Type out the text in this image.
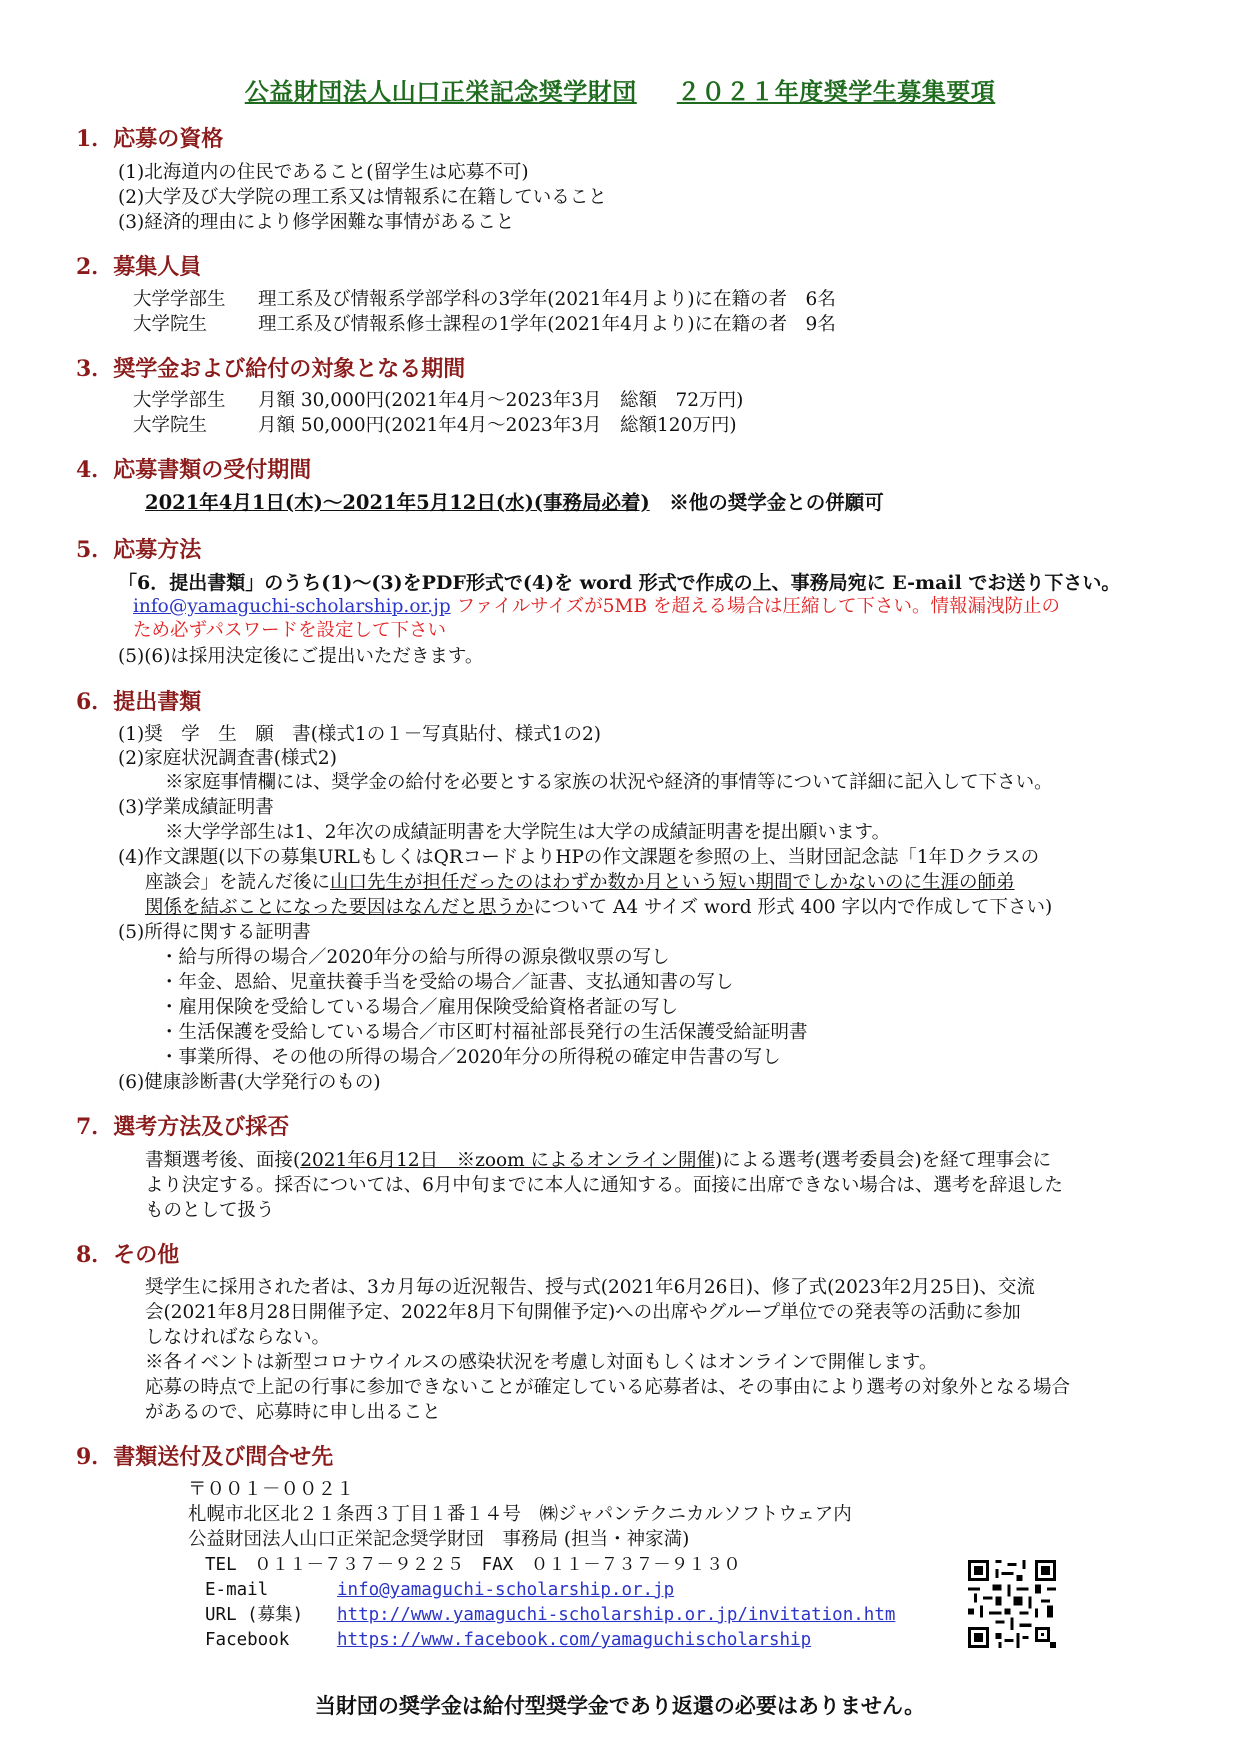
公益財団法人山口正栄記念奨学財団 ２０２１年度奨学生募集要項
1．応募の資格
(1)北海道内の住民であること(留学生は応募不可)
(2)大学及び大学院の理工系又は情報系に在籍していること
(3)経済的理由により修学困難な事情があること
2．募集人員
大学学部生 理工系及び情報系学部学科の3学年(2021年4月より)に在籍の者　6名
大学院生	理工系及び情報系修士課程の1学年(2021年4月より)に在籍の者　9名
3．奨学金および給付の対象となる期間
大学学部生 月額 30,000円(2021年4月～2023年3月　総額　72万円)
大学院生	月額 50,000円(2021年4月～2023年3月　総額120万円)
4．応募書類の受付期間
2021年4月1日(木)～2021年5月12日(水)(事務局必着)　 ※他の奨学金との併願可
5．応募方法
「6．提出書類」のうち(1)～(3)をPDF形式で(4)を word 形式で作成の上、事務局宛に E-mail でお送り下さい。
info@yamaguchi-scholarship.or.jp ファイルサイズが5MB を超える場合は圧縮して下さい。情報漏洩防止の
ため必ずパスワードを設定して下さい
(5)(6)は採用決定後にご提出いただきます。
6．提出書類
(1)奨　学　生　願　書(様式1の１－写真貼付、様式1の2)
(2)家庭状況調査書(様式2)
※家庭事情欄には、奨学金の給付を必要とする家族の状況や経済的事情等について詳細に記入して下さい。
(3)学業成績証明書
※大学学部生は1、2年次の成績証明書を大学院生は大学の成績証明書を提出願います。
(4)作文課題(以下の募集URLもしくはQRコードよりHPの作文課題を参照の上、当財団記念誌「1年Ｄクラスの
座談会」を読んだ後に山口先生が担任だったのはわずか数か月という短い期間でしかないのに生涯の師弟
関係を結ぶことになった要因はなんだと思うかについて A4 サイズ word 形式 400 字以内で作成して下さい)
(5)所得に関する証明書
・給与所得の場合／2020年分の給与所得の源泉徴収票の写し
・年金、恩給、児童扶養手当を受給の場合／証書、支払通知書の写し
・雇用保険を受給している場合／雇用保険受給資格者証の写し
・生活保護を受給している場合／市区町村福祉部長発行の生活保護受給証明書
・事業所得、その他の所得の場合／2020年分の所得税の確定申告書の写し
(6)健康診断書(大学発行のもの)
7．選考方法及び採否
書類選考後、面接(2021年6月12日　※zoom によるオンライン開催)による選考(選考委員会)を経て理事会に
より決定する。採否については、6月中旬までに本人に通知する。面接に出席できない場合は、選考を辞退した
ものとして扱う
8．その他
奨学生に採用された者は、3カ月毎の近況報告、授与式(2021年6月26日)、修了式(2023年2月25日)、交流
会(2021年8月28日開催予定、2022年8月下旬開催予定)への出席やグループ単位での発表等の活動に参加
しなければならない。
※各イベントは新型コロナウイルスの感染状況を考慮し対面もしくはオンラインで開催します。
応募の時点で上記の行事に参加できないことが確定している応募者は、その事由により選考の対象外となる場合
があるので、応募時に申し出ること
9．書類送付及び問合せ先
〒００１－００２１
札幌市北区北２１条西３丁目１番１４号　㈱ジャパンテクニカルソフトウェア内
公益財団法人山口正栄記念奨学財団　事務局 (担当・神家満)
TEL　０１１－７３７－９２２５　FAX　０１１－７３７－９１３０
E-mail	info@yamaguchi-scholarship.or.jp
URL (募集) http://www.yamaguchi-scholarship.or.jp/invitation.htm
Facebook	https://www.facebook.com/yamaguchischolarship
当財団の奨学金は給付型奨学金であり返還の必要はありません。
